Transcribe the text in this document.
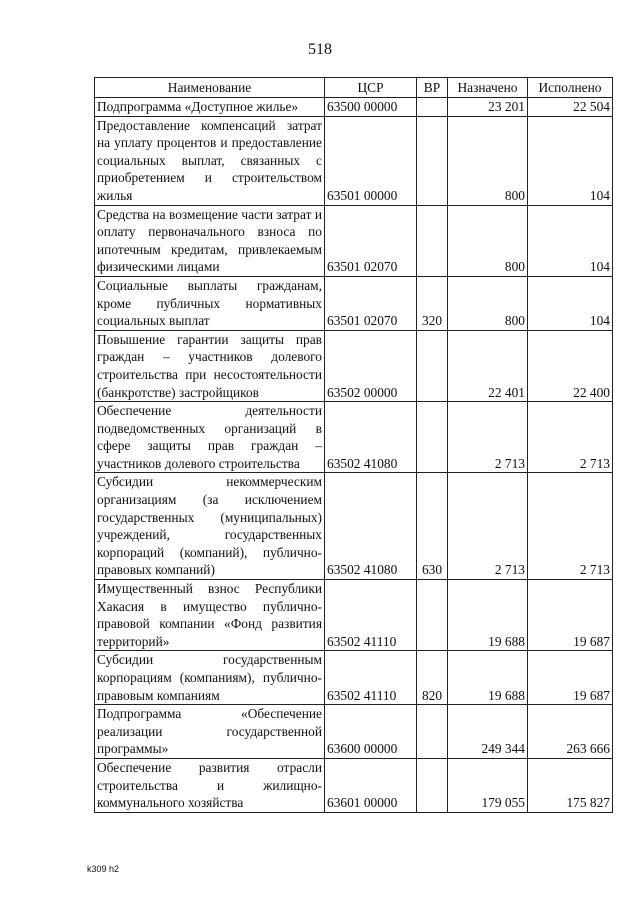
518
Наименование	ЦСР	ВР	Назначено	Исполнено
Подпрограмма «Доступное жилье»	63500 00000		23 201	22 504
Предоставление компенсаций затрат на уплату процентов и предоставление социальных выплат, связанных с приобретением и строительством жилья	63501 00000		800	104
Средства на возмещение части затрат и оплату первоначального взноса по ипотечным кредитам, привлекаемым физическими лицами	63501 02070		800	104
Социальные выплаты гражданам, кроме публичных нормативных социальных выплат	63501 02070	320	800	104
Повышение гарантии защиты прав граждан – участников долевого строительства при несостоятельности (банкротстве) застройщиков	63502 00000		22 401	22 400
Обеспечение деятельности подведомственных организаций в сфере защиты прав граждан – участников долевого строительства	63502 41080		2 713	2 713
Субсидии некоммерческим организациям (за исключением государственных (муниципальных) учреждений, государственных корпораций (компаний), публично-правовых компаний)	63502 41080	630	2 713	2 713
Имущественный взнос Республики Хакасия в имущество публично-правовой компании «Фонд развития территорий»	63502 41110		19 688	19 687
Субсидии государственным корпорациям (компаниям), публично-правовым компаниям	63502 41110	820	19 688	19 687
Подпрограмма «Обеспечение реализации государственной программы»	63600 00000		249 344	263 666
Обеспечение развития отрасли строительства и жилищно-коммунального хозяйства	63601 00000		179 055	175 827
k309 h2
